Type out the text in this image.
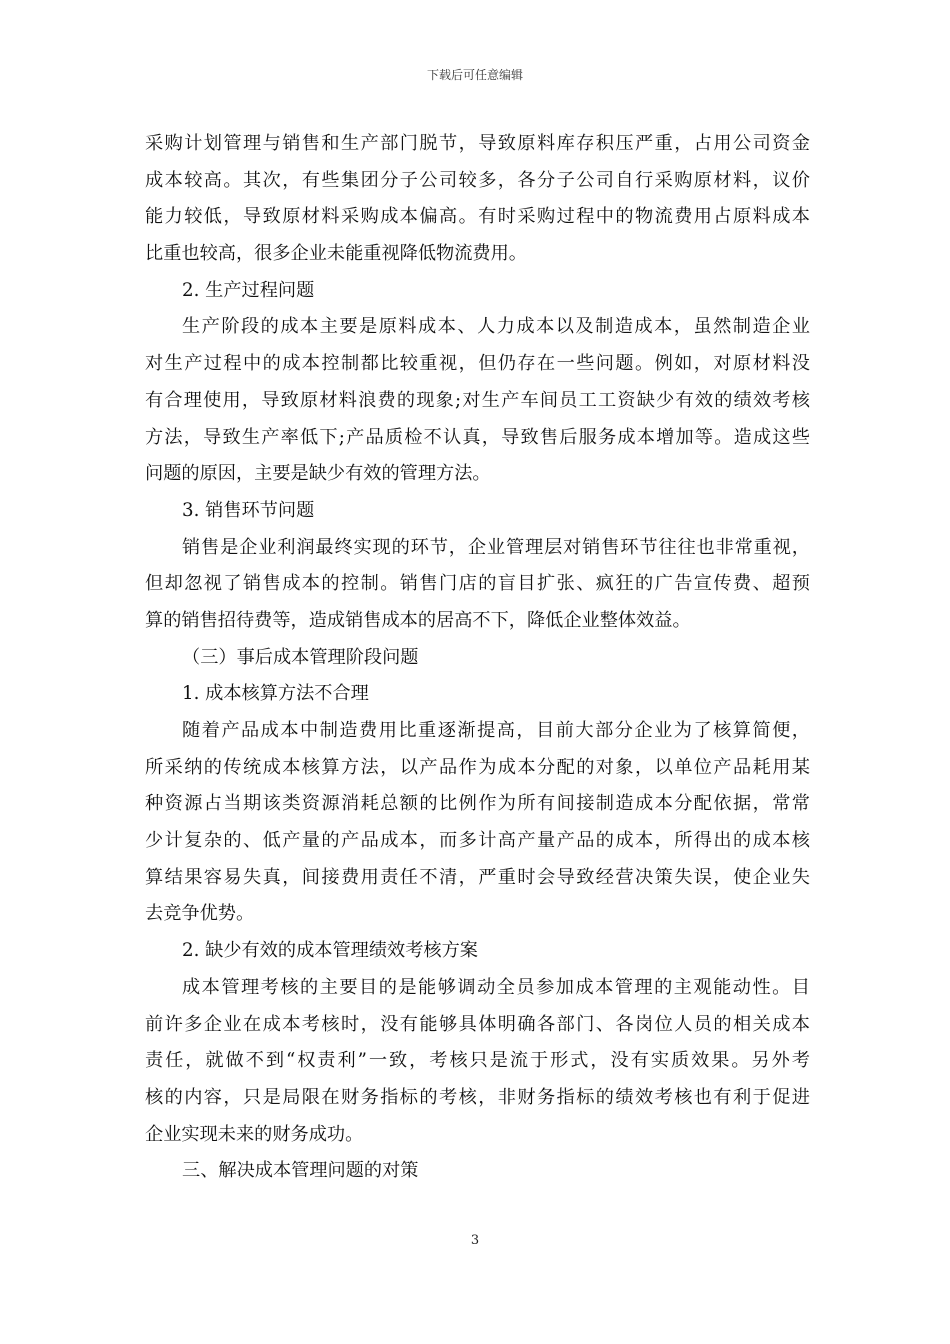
下载后可任意编辑
采购计划管理与销售和生产部门脱节，导致原料库存积压严重，占用公司资金
成本较高。其次，有些集团分子公司较多，各分子公司自行采购原材料，议价
能力较低，导致原材料采购成本偏高。有时采购过程中的物流费用占原料成本
比重也较高，很多企业未能重视降低物流费用。
2. 生产过程问题
生产阶段的成本主要是原料成本、人力成本以及制造成本，虽然制造企业
对生产过程中的成本控制都比较重视，但仍存在一些问题。例如，对原材料没
有合理使用，导致原材料浪费的现象;对生产车间员工工资缺少有效的绩效考核
方法，导致生产率低下;产品质检不认真，导致售后服务成本增加等。造成这些
问题的原因，主要是缺少有效的管理方法。
3. 销售环节问题
销售是企业利润最终实现的环节，企业管理层对销售环节往往也非常重视，
但却忽视了销售成本的控制。销售门店的盲目扩张、疯狂的广告宣传费、超预
算的销售招待费等，造成销售成本的居高不下，降低企业整体效益。
（三）事后成本管理阶段问题
1. 成本核算方法不合理
随着产品成本中制造费用比重逐渐提高，目前大部分企业为了核算简便，
所采纳的传统成本核算方法，以产品作为成本分配的对象，以单位产品耗用某
种资源占当期该类资源消耗总额的比例作为所有间接制造成本分配依据，常常
少计复杂的、低产量的产品成本，而多计高产量产品的成本，所得出的成本核
算结果容易失真，间接费用责任不清，严重时会导致经营决策失误，使企业失
去竞争优势。
2. 缺少有效的成本管理绩效考核方案
成本管理考核的主要目的是能够调动全员参加成本管理的主观能动性。目
前许多企业在成本考核时，没有能够具体明确各部门、各岗位人员的相关成本
责任，就做不到“权责利”一致，考核只是流于形式，没有实质效果。另外考
核的内容，只是局限在财务指标的考核，非财务指标的绩效考核也有利于促进
企业实现未来的财务成功。
三、解决成本管理问题的对策
3
